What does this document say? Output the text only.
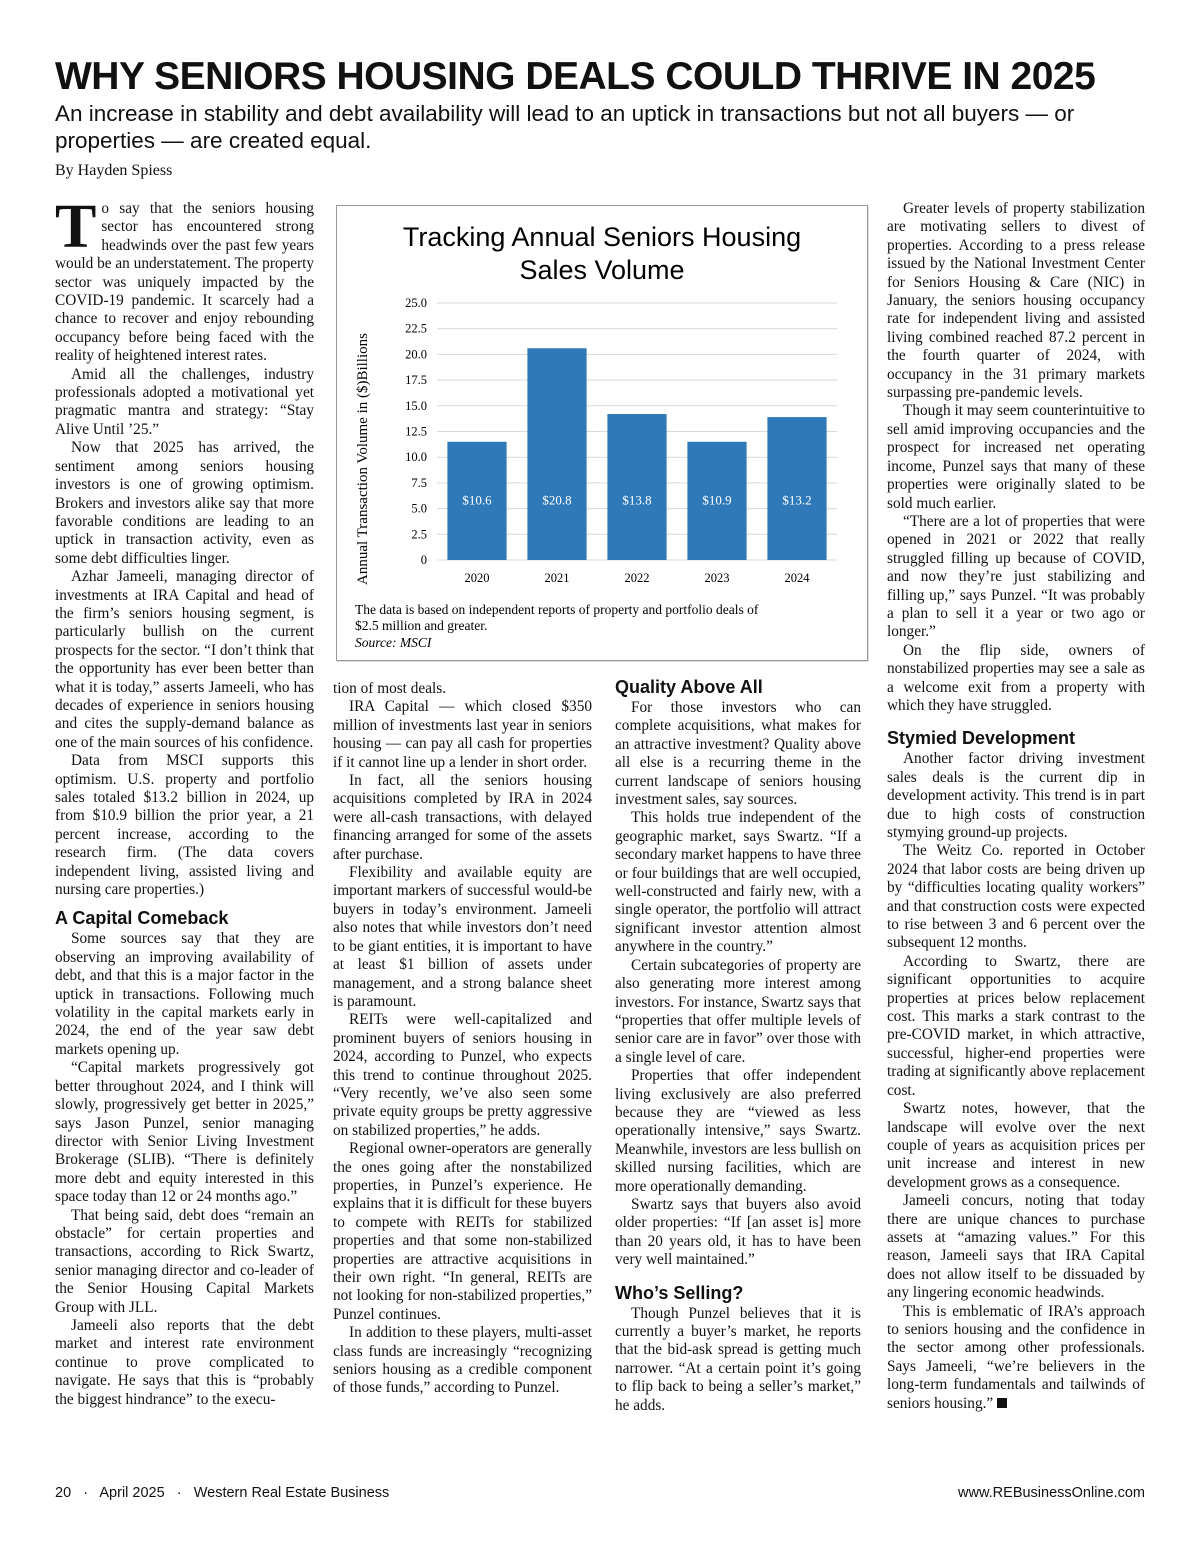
WHY SENIORS HOUSING DEALS COULD THRIVE IN 2025

An increase in stability and debt availability will lead to an uptick in transactions but not all buyers — or properties — are created equal.

By Hayden Spiess

To say that the seniors housing sector has encountered strong headwinds over the past few years would be an understatement. The property sector was uniquely impacted by the COVID-19 pandemic. It scarcely had a chance to recover and enjoy rebounding occupancy before being faced with the reality of heightened interest rates.

Amid all the challenges, industry professionals adopted a motivational yet pragmatic mantra and strategy: “Stay Alive Until ’25.”

Now that 2025 has arrived, the sentiment among seniors housing investors is one of growing optimism. Brokers and investors alike say that more favorable conditions are leading to an uptick in transaction activity, even as some debt difficulties linger.

Azhar Jameeli, managing director of investments at IRA Capital and head of the firm’s seniors housing segment, is particularly bullish on the current prospects for the sector. “I don’t think that the opportunity has ever been better than what it is today,” asserts Jameeli, who has decades of experience in seniors housing and cites the supply-demand balance as one of the main sources of his confidence.

Data from MSCI supports this optimism. U.S. property and portfolio sales totaled $13.2 billion in 2024, up from $10.9 billion the prior year, a 21 percent increase, according to the research firm. (The data covers independent living, assisted living and nursing care properties.)

A Capital Comeback

Some sources say that they are observing an improving availability of debt, and that this is a major factor in the uptick in transactions. Following much volatility in the capital markets early in 2024, the end of the year saw debt markets opening up.

“Capital markets progressively got better throughout 2024, and I think will slowly, progressively get better in 2025,” says Jason Punzel, senior managing director with Senior Living Investment Brokerage (SLIB). “There is definitely more debt and equity interested in this space today than 12 or 24 months ago.”

That being said, debt does “remain an obstacle” for certain properties and transactions, according to Rick Swartz, senior managing director and co-leader of the Senior Housing Capital Markets Group with JLL.

Jameeli also reports that the debt market and interest rate environment continue to prove complicated to navigate. He says that this is “probably the biggest hindrance” to the execu-

Tracking Annual Seniors Housing
Sales Volume
Annual Transaction Volume in ($)Billions	$10.6	$20.8	$13.8	$10.9	$13.2
0
2.5
5.0
7.5
10.0
12.5
15.0
17.5
20.0
22.5
25.0
2020	2021	2022	2023	2024
The data is based on independent reports of property and portfolio deals of
$2.5 million and greater.
Source: MSCI

tion of most deals.

IRA Capital — which closed $350 million of investments last year in seniors housing — can pay all cash for properties if it cannot line up a lender in short order.

In fact, all the seniors housing acquisitions completed by IRA in 2024 were all-cash transactions, with delayed financing arranged for some of the assets after purchase.

Flexibility and available equity are important markers of successful would-be buyers in today’s environment. Jameeli also notes that while investors don’t need to be giant entities, it is important to have at least $1 billion of assets under management, and a strong balance sheet is paramount.

REITs were well-capitalized and prominent buyers of seniors housing in 2024, according to Punzel, who expects this trend to continue throughout 2025. “Very recently, we’ve also seen some private equity groups be pretty aggressive on stabilized properties,” he adds.

Regional owner-operators are generally the ones going after the nonstabilized properties, in Punzel’s experience. He explains that it is difficult for these buyers to compete with REITs for stabilized properties and that some non-stabilized properties are attractive acquisitions in their own right. “In general, REITs are not looking for non-stabilized properties,” Punzel continues.

In addition to these players, multi-asset class funds are increasingly “recognizing seniors housing as a credible component of those funds,” according to Punzel.

Quality Above All

For those investors who can complete acquisitions, what makes for an attractive investment? Quality above all else is a recurring theme in the current landscape of seniors housing investment sales, say sources.

This holds true independent of the geographic market, says Swartz. “If a secondary market happens to have three or four buildings that are well occupied, well-constructed and fairly new, with a single operator, the portfolio will attract significant investor attention almost anywhere in the country.”

Certain subcategories of property are also generating more interest among investors. For instance, Swartz says that “properties that offer multiple levels of senior care are in favor” over those with a single level of care.

Properties that offer independent living exclusively are also preferred because they are “viewed as less operationally intensive,” says Swartz. Meanwhile, investors are less bullish on skilled nursing facilities, which are more operationally demanding.

Swartz says that buyers also avoid older properties: “If [an asset is] more than 20 years old, it has to have been very well maintained.”

Who’s Selling?

Though Punzel believes that it is currently a buyer’s market, he reports that the bid-ask spread is getting much narrower. “At a certain point it’s going to flip back to being a seller’s market,” he adds.

Greater levels of property stabilization are motivating sellers to divest of properties. According to a press release issued by the National Investment Center for Seniors Housing & Care (NIC) in January, the seniors housing occupancy rate for independent living and assisted living combined reached 87.2 percent in the fourth quarter of 2024, with occupancy in the 31 primary markets surpassing pre-pandemic levels.

Though it may seem counterintuitive to sell amid improving occupancies and the prospect for increased net operating income, Punzel says that many of these properties were originally slated to be sold much earlier.

“There are a lot of properties that were opened in 2021 or 2022 that really struggled filling up because of COVID, and now they’re just stabilizing and filling up,” says Punzel. “It was probably a plan to sell it a year or two ago or longer.”

On the flip side, owners of nonstabilized properties may see a sale as a welcome exit from a property with which they have struggled.

Stymied Development

Another factor driving investment sales deals is the current dip in development activity. This trend is in part due to high costs of construction stymying ground-up projects.

The Weitz Co. reported in October 2024 that labor costs are being driven up by “difficulties locating quality workers” and that construction costs were expected to rise between 3 and 6 percent over the subsequent 12 months.

According to Swartz, there are significant opportunities to acquire properties at prices below replacement cost. This marks a stark contrast to the pre-COVID market, in which attractive, successful, higher-end properties were trading at significantly above replacement cost.

Swartz notes, however, that the landscape will evolve over the next couple of years as acquisition prices per unit increase and interest in new development grows as a consequence.

Jameeli concurs, noting that today there are unique chances to purchase assets at “amazing values.” For this reason, Jameeli says that IRA Capital does not allow itself to be dissuaded by any lingering economic headwinds.

This is emblematic of IRA’s approach to seniors housing and the confidence in the sector among other professionals. Says Jameeli, “we’re believers in the long-term fundamentals and tailwinds of seniors housing.”

20 · April 2025 · Western Real Estate Business	www.REBusinessOnline.com
